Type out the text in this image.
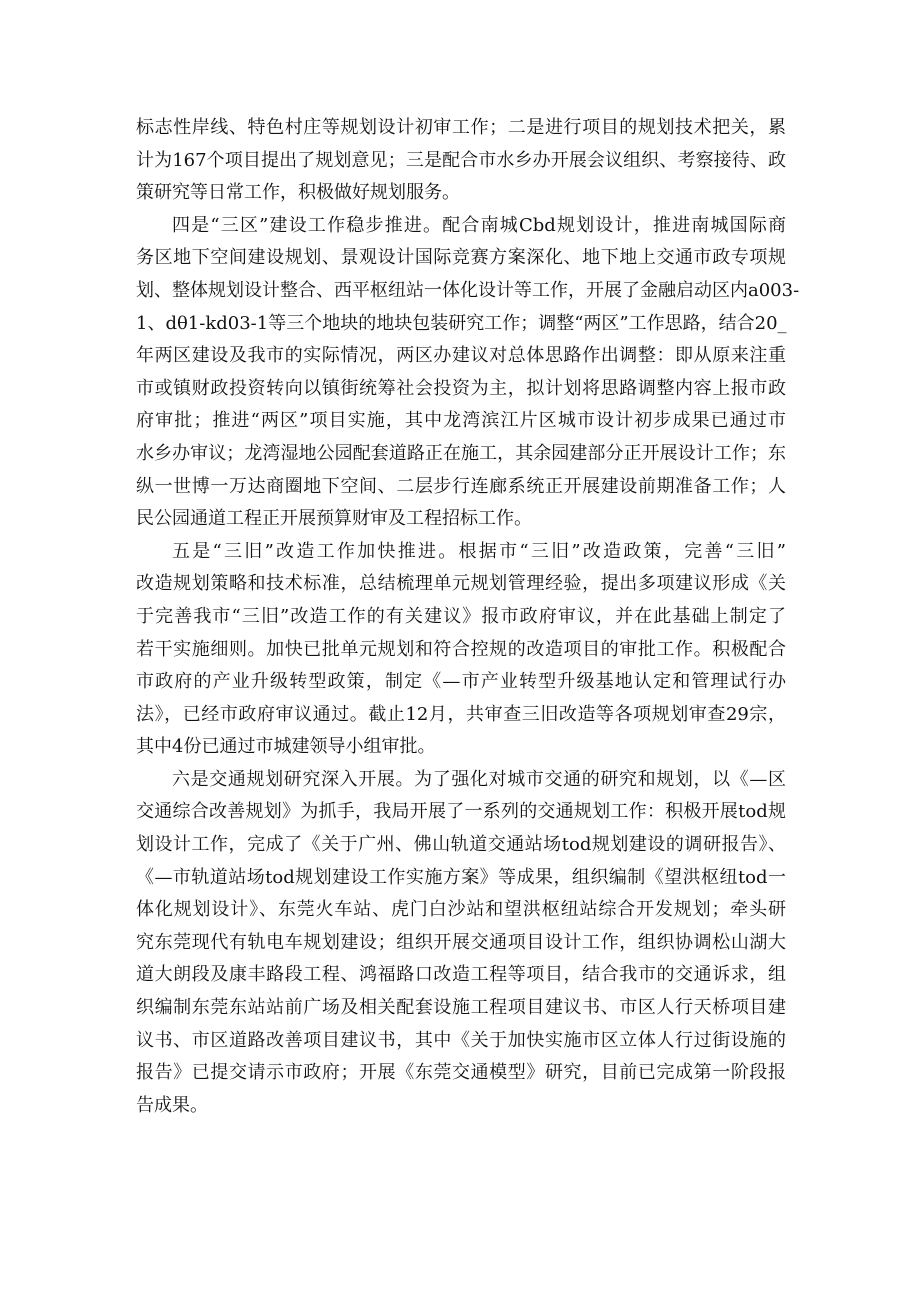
标志性岸线、特色村庄等规划设计初审工作；二是进行项目的规划技术把关，累
计为167个项目提出了规划意见；三是配合市水乡办开展会议组织、考察接待、政
策研究等日常工作，积极做好规划服务。
四是“三区”建设工作稳步推进。配合南城Cbd规划设计，推进南城国际商
务区地下空间建设规划、景观设计国际竞赛方案深化、地下地上交通市政专项规
划、整体规划设计整合、西平枢纽站一体化设计等工作，开展了金融启动区内a003-
1、dθ1-kd03-1等三个地块的地块包装研究工作；调整“两区”工作思路，结合20_
年两区建设及我市的实际情况，两区办建议对总体思路作出调整：即从原来注重
市或镇财政投资转向以镇街统筹社会投资为主，拟计划将思路调整内容上报市政
府审批；推进“两区”项目实施，其中龙湾滨江片区城市设计初步成果已通过市
水乡办审议；龙湾湿地公园配套道路正在施工，其余园建部分正开展设计工作；东
纵一世博一万达商圈地下空间、二层步行连廊系统正开展建设前期准备工作；人
民公园通道工程正开展预算财审及工程招标工作。
五是“三旧”改造工作加快推进。根据市“三旧”改造政策，完善“三旧”
改造规划策略和技术标准，总结梳理单元规划管理经验，提出多项建议形成《关
于完善我市“三旧”改造工作的有关建议》报市政府审议，并在此基础上制定了
若干实施细则。加快已批单元规划和符合控规的改造项目的审批工作。积极配合
市政府的产业升级转型政策，制定《—市产业转型升级基地认定和管理试行办
法》，已经市政府审议通过。截止12月，共审查三旧改造等各项规划审查29宗，
其中4份已通过市城建领导小组审批。
六是交通规划研究深入开展。为了强化对城市交通的研究和规划，以《—区
交通综合改善规划》为抓手，我局开展了一系列的交通规划工作：积极开展tod规
划设计工作，完成了《关于广州、佛山轨道交通站场tod规划建设的调研报告》、
《—市轨道站场tod规划建设工作实施方案》等成果，组织编制《望洪枢纽tod一
体化规划设计》、东莞火车站、虎门白沙站和望洪枢纽站综合开发规划；牵头研
究东莞现代有轨电车规划建设；组织开展交通项目设计工作，组织协调松山湖大
道大朗段及康丰路段工程、鸿福路口改造工程等项目，结合我市的交通诉求，组
织编制东莞东站站前广场及相关配套设施工程项目建议书、市区人行天桥项目建
议书、市区道路改善项目建议书，其中《关于加快实施市区立体人行过街设施的
报告》已提交请示市政府；开展《东莞交通模型》研究，目前已完成第一阶段报
告成果。
